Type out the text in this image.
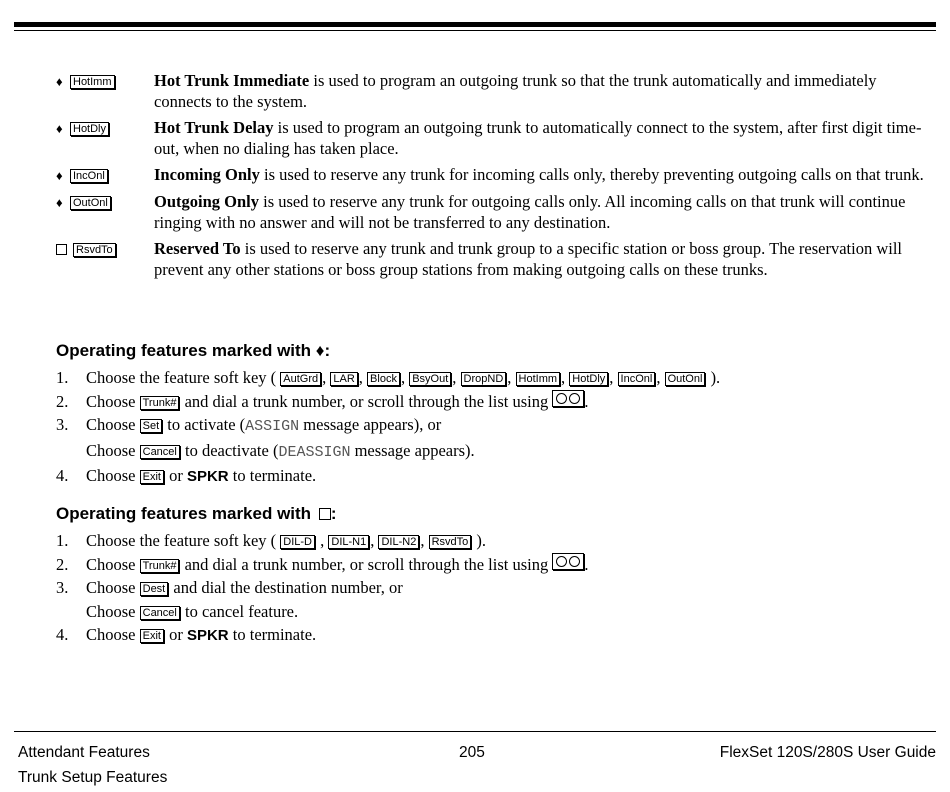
♦ HotImm	Hot Trunk Immediate is used to program an outgoing trunk so that the trunk automatically and immediately connects to the system.
♦ HotDly	Hot Trunk Delay is used to program an outgoing trunk to automatically connect to the system, after first digit time-out, when no dialing has taken place.
♦ IncOnl	Incoming Only is used to reserve any trunk for incoming calls only, thereby preventing outgoing calls on that trunk.
♦ OutOnl	Outgoing Only is used to reserve any trunk for outgoing calls only. All incoming calls on that trunk will continue ringing with no answer and will not be transferred to any destination.
RsvdTo	Reserved To is used to reserve any trunk and trunk group to a specific station or boss group. The reservation will prevent any other stations or boss group stations from making outgoing calls on these trunks.
Operating features marked with ♦:
1.	Choose the feature soft key ( AutGrd , LAR , Block , BsyOut , DropND , HotImm , HotDly , IncOnl , OutOnl ).
2.	Choose Trunk# and dial a trunk number, or scroll through the list using .
3.	Choose Set to activate (ASSIGN message appears), or
Choose Cancel to deactivate (DEASSIGN message appears).
4.	Choose Exit or SPKR to terminate.
Operating features marked with :
1.	Choose the feature soft key ( DIL-D , DIL-N1 , DIL-N2 , RsvdTo ).
2.	Choose Trunk# and dial a trunk number, or scroll through the list using .
3.	Choose Dest and dial the destination number, or
Choose Cancel to cancel feature.
4.	Choose Exit or SPKR to terminate.
Attendant Features
Trunk Setup Features
205	FlexSet 120S/280S User Guide
